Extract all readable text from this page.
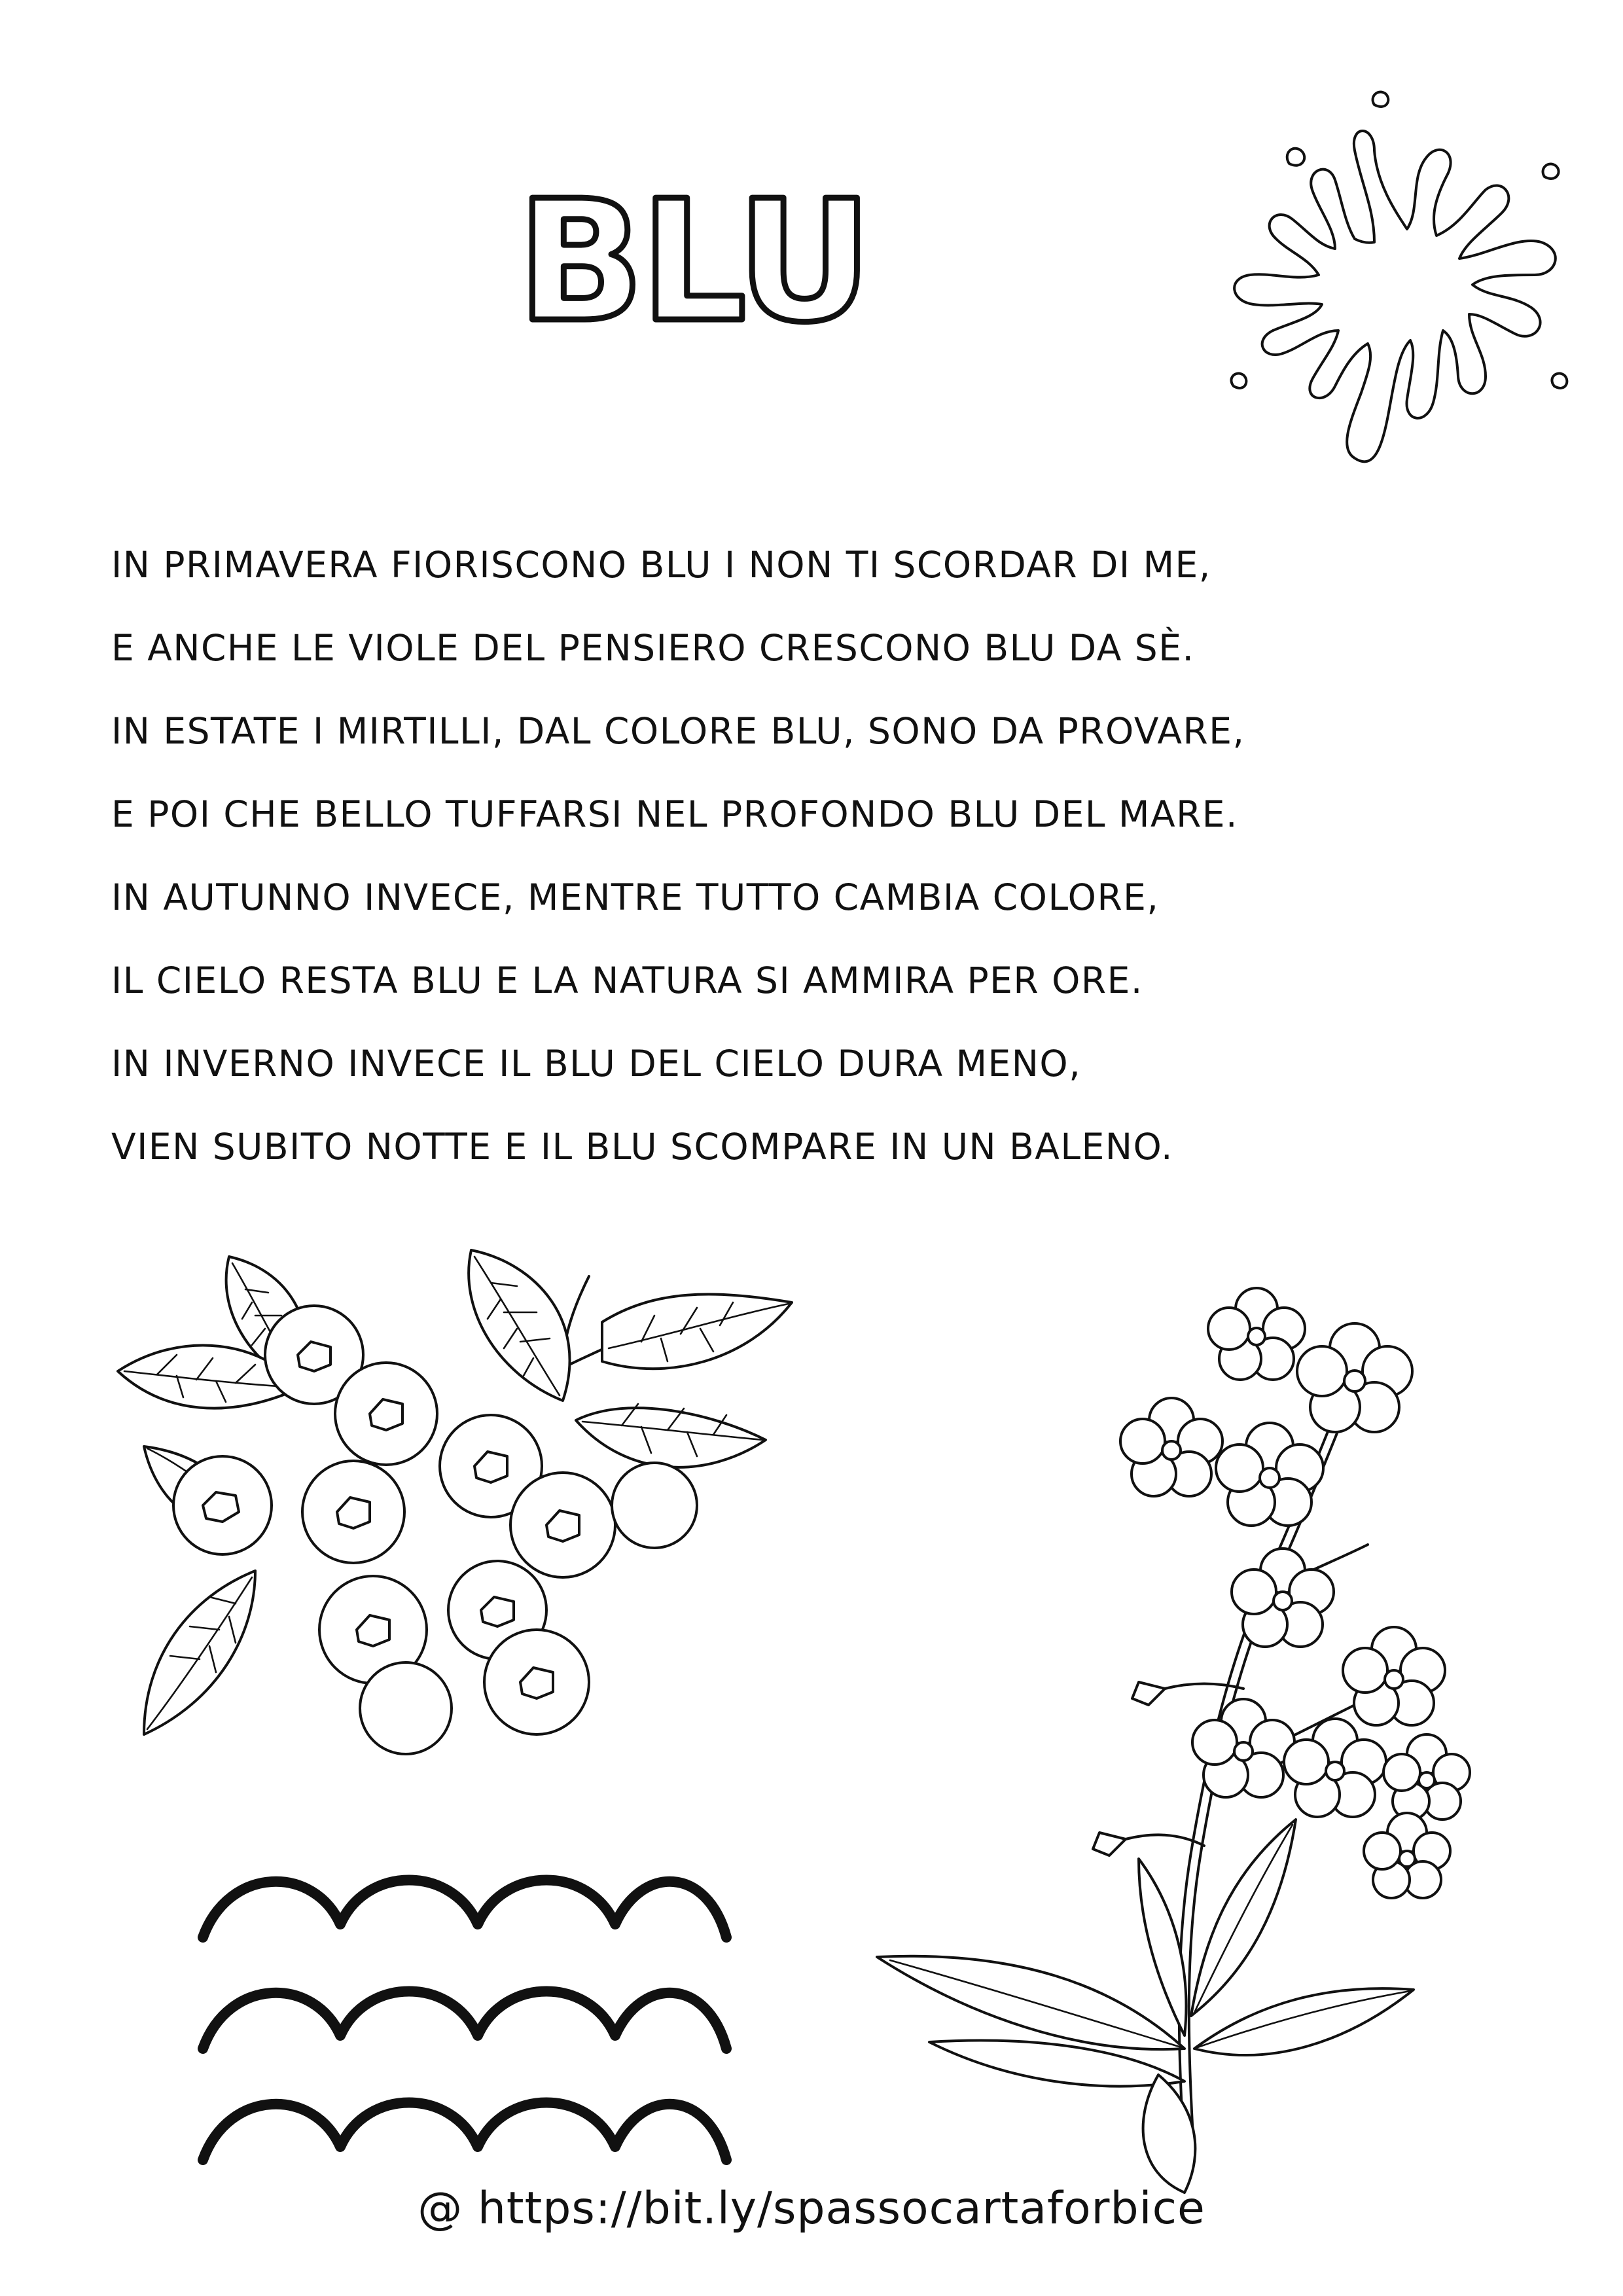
BLU
IN PRIMAVERA FIORISCONO BLU I NON TI SCORDAR DI ME,
E ANCHE LE VIOLE DEL PENSIERO CRESCONO BLU DA SÈ.
IN ESTATE I MIRTILLI, DAL COLORE BLU, SONO DA PROVARE,
E POI CHE BELLO TUFFARSI NEL PROFONDO BLU DEL MARE.
IN AUTUNNO INVECE, MENTRE TUTTO CAMBIA COLORE,
IL CIELO RESTA BLU E LA NATURA SI AMMIRA PER ORE.
IN INVERNO INVECE IL BLU DEL CIELO DURA MENO,
VIEN SUBITO NOTTE E IL BLU SCOMPARE IN UN BALENO.
@ https://bit.ly/spassocartaforbice
